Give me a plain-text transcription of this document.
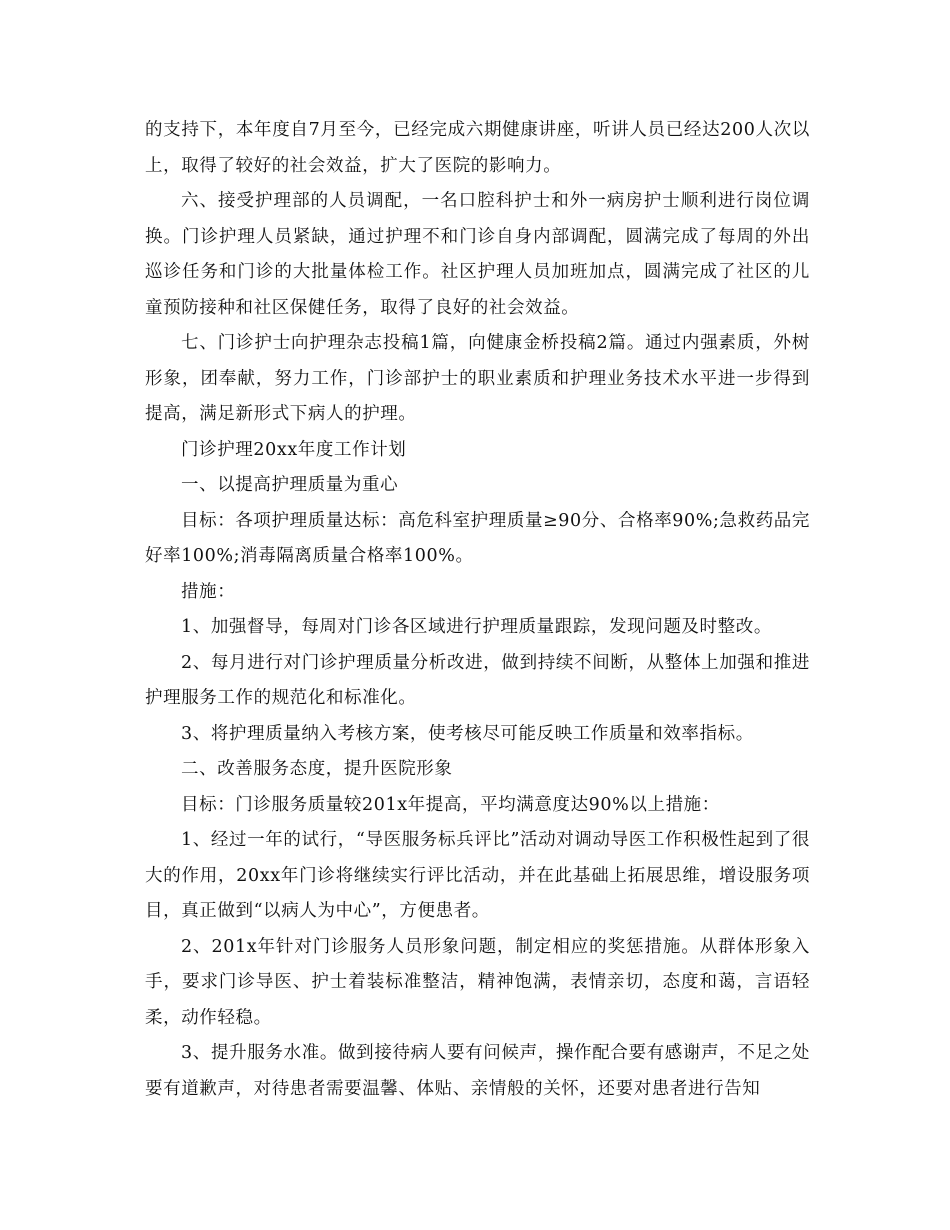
的支持下，本年度自7月至今，已经完成六期健康讲座，听讲人员已经达200人次以上，取得了较好的社会效益，扩大了医院的影响力。

六、接受护理部的人员调配，一名口腔科护士和外一病房护士顺利进行岗位调换。门诊护理人员紧缺，通过护理不和门诊自身内部调配，圆满完成了每周的外出巡诊任务和门诊的大批量体检工作。社区护理人员加班加点，圆满完成了社区的儿童预防接种和社区保健任务，取得了良好的社会效益。

七、门诊护士向护理杂志投稿1篇，向健康金桥投稿2篇。通过内强素质，外树形象，团奉献，努力工作，门诊部护士的职业素质和护理业务技术水平进一步得到提高，满足新形式下病人的护理。

门诊护理20xx年度工作计划

一、以提高护理质量为重心

目标：各项护理质量达标：高危科室护理质量≥90分、合格率90%;急救药品完好率100%;消毒隔离质量合格率100%。

措施：

1、加强督导，每周对门诊各区域进行护理质量跟踪，发现问题及时整改。

2、每月进行对门诊护理质量分析改进，做到持续不间断，从整体上加强和推进护理服务工作的规范化和标准化。

3、将护理质量纳入考核方案，使考核尽可能反映工作质量和效率指标。

二、改善服务态度，提升医院形象

目标：门诊服务质量较201x年提高，平均满意度达90%以上措施：

1、经过一年的试行，“导医服务标兵评比”活动对调动导医工作积极性起到了很大的作用，20xx年门诊将继续实行评比活动，并在此基础上拓展思维，增设服务项目，真正做到“以病人为中心”，方便患者。

2、201x年针对门诊服务人员形象问题，制定相应的奖惩措施。从群体形象入手，要求门诊导医、护士着装标准整洁，精神饱满，表情亲切，态度和蔼，言语轻柔，动作轻稳。

3、提升服务水准。做到接待病人要有问候声，操作配合要有感谢声，不足之处要有道歉声，对待患者需要温馨、体贴、亲情般的关怀，还要对患者进行告知
